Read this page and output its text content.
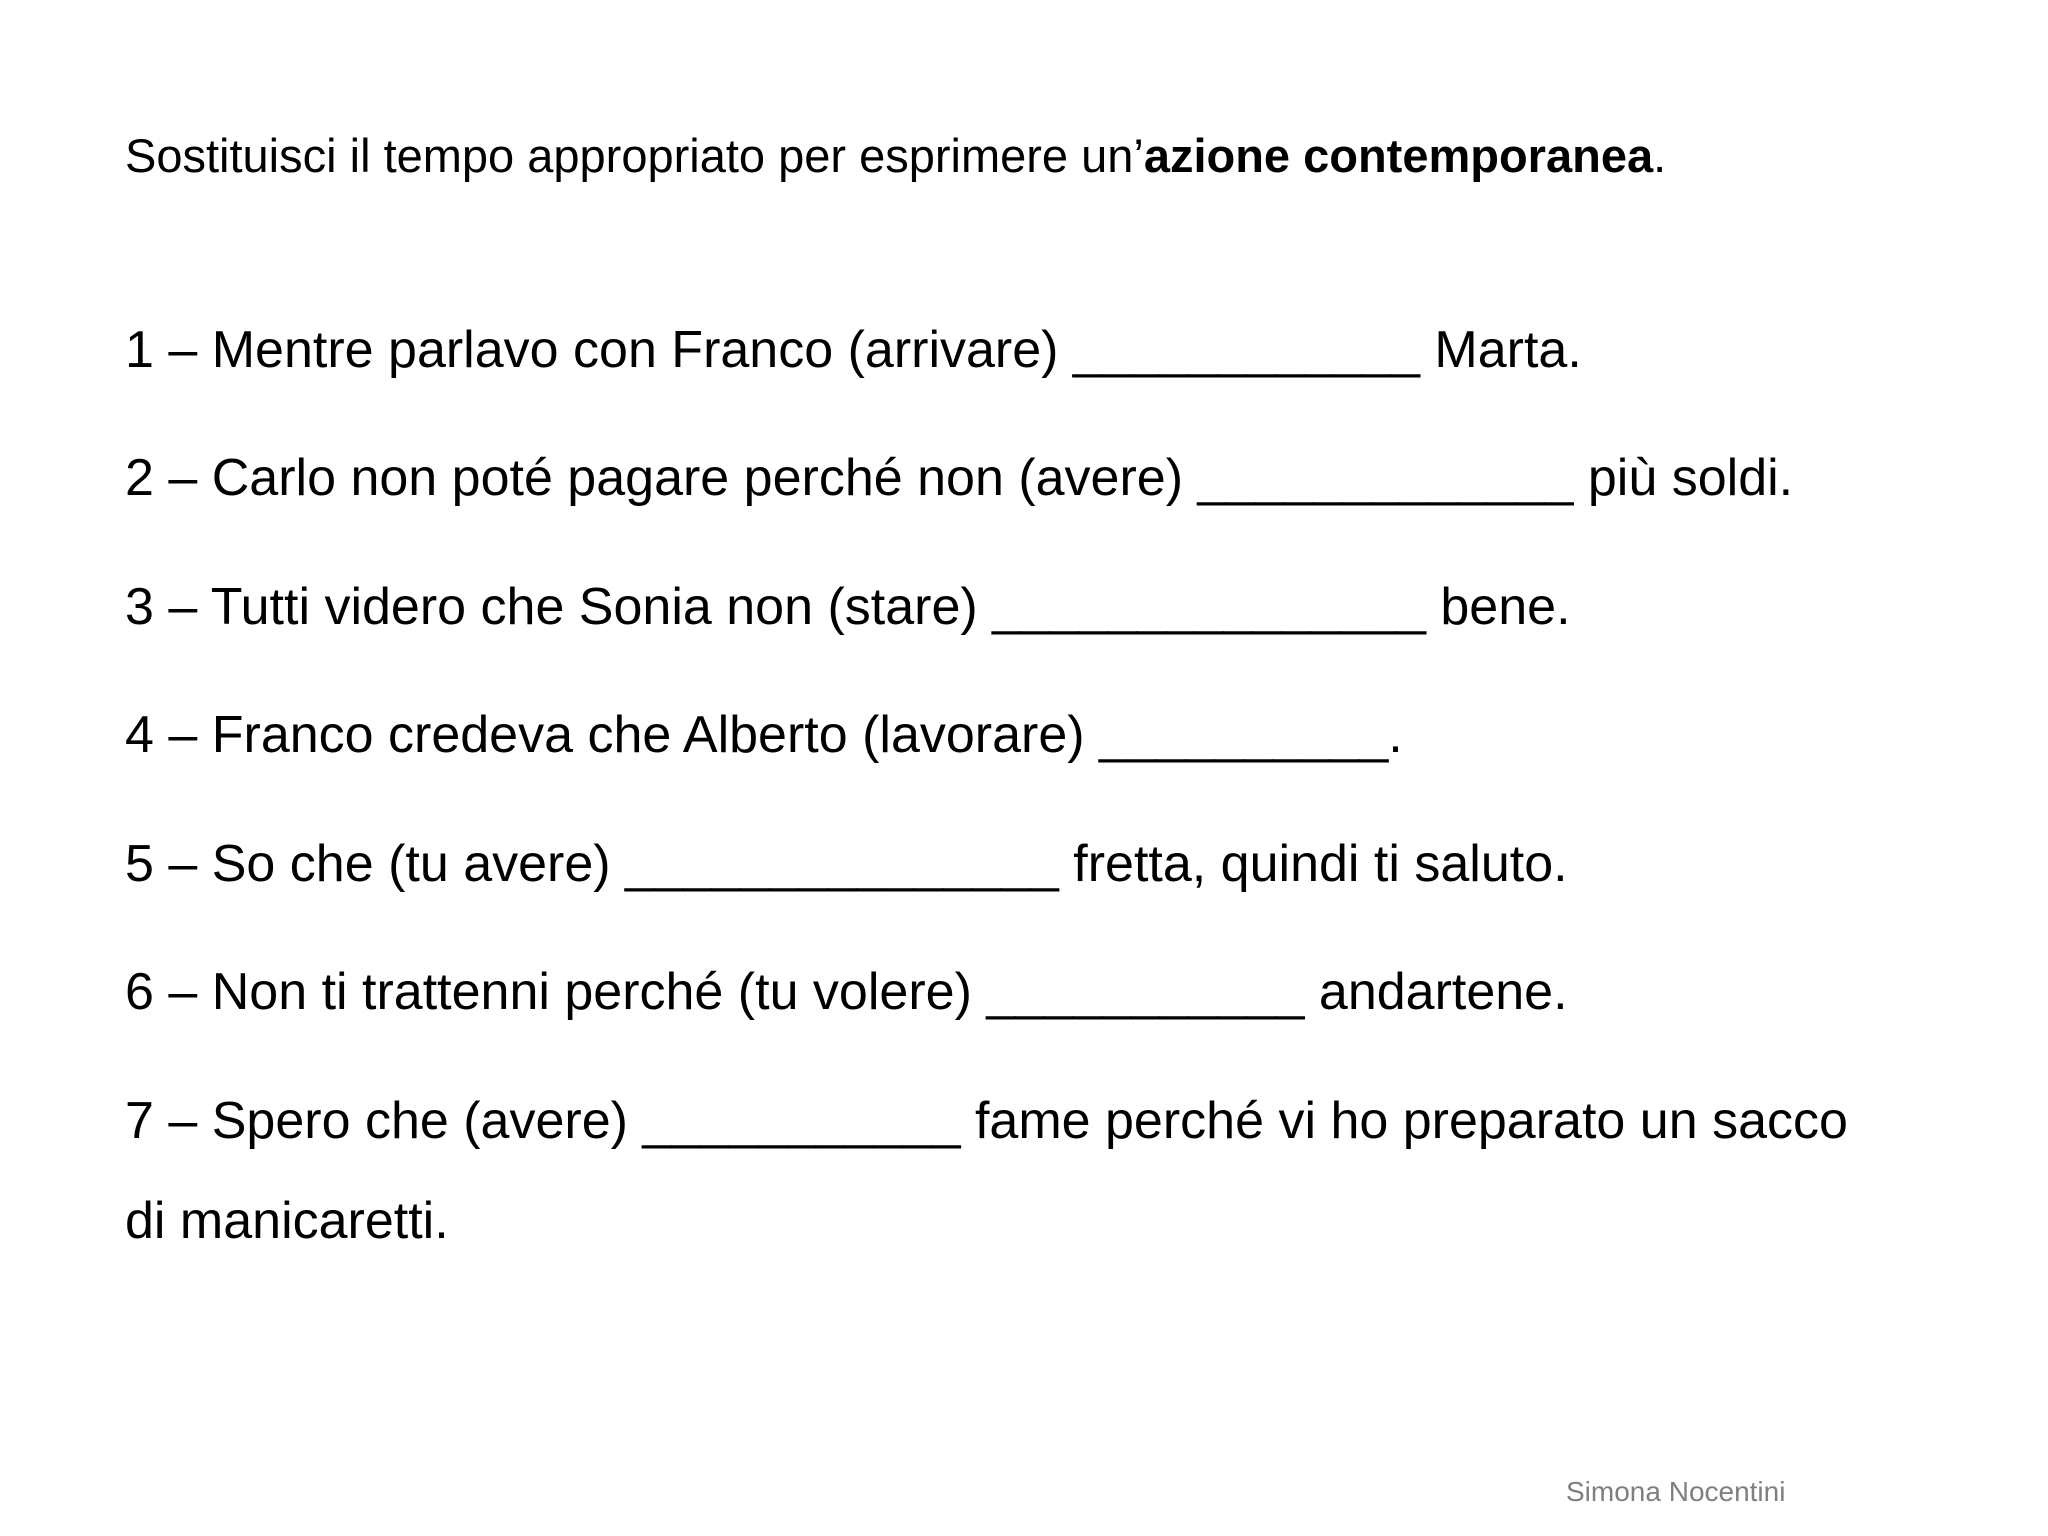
Sostituisci il tempo appropriato per esprimere un’azione contemporanea.
1 – Mentre parlavo con Franco (arrivare) ____________ Marta.
2 – Carlo non poté pagare perché non (avere) _____________ più soldi.
3 – Tutti videro che Sonia non (stare) _______________ bene.
4 – Franco credeva che Alberto (lavorare) __________.
5 – So che (tu avere) _______________ fretta, quindi ti saluto.
6 – Non ti trattenni perché (tu volere) ___________ andartene.
7 – Spero che (avere) ___________ fame perché vi ho preparato un sacco
di manicaretti.
Simona Nocentini
